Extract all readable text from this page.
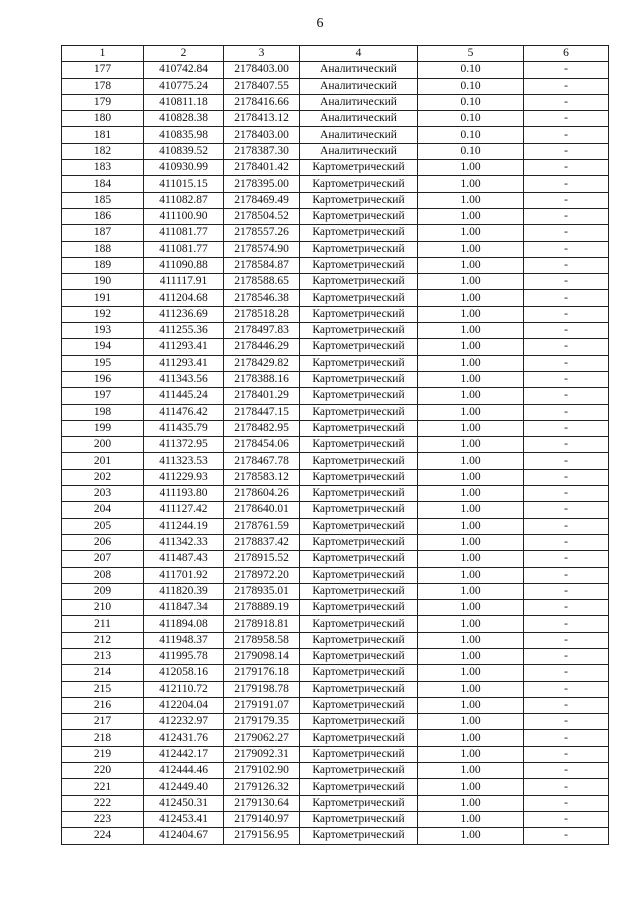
6
1	2	3	4	5	6
177	410742.84	2178403.00	Аналитический	0.10	-
178	410775.24	2178407.55	Аналитический	0.10	-
179	410811.18	2178416.66	Аналитический	0.10	-
180	410828.38	2178413.12	Аналитический	0.10	-
181	410835.98	2178403.00	Аналитический	0.10	-
182	410839.52	2178387.30	Аналитический	0.10	-
183	410930.99	2178401.42	Картометрический	1.00	-
184	411015.15	2178395.00	Картометрический	1.00	-
185	411082.87	2178469.49	Картометрический	1.00	-
186	411100.90	2178504.52	Картометрический	1.00	-
187	411081.77	2178557.26	Картометрический	1.00	-
188	411081.77	2178574.90	Картометрический	1.00	-
189	411090.88	2178584.87	Картометрический	1.00	-
190	411117.91	2178588.65	Картометрический	1.00	-
191	411204.68	2178546.38	Картометрический	1.00	-
192	411236.69	2178518.28	Картометрический	1.00	-
193	411255.36	2178497.83	Картометрический	1.00	-
194	411293.41	2178446.29	Картометрический	1.00	-
195	411293.41	2178429.82	Картометрический	1.00	-
196	411343.56	2178388.16	Картометрический	1.00	-
197	411445.24	2178401.29	Картометрический	1.00	-
198	411476.42	2178447.15	Картометрический	1.00	-
199	411435.79	2178482.95	Картометрический	1.00	-
200	411372.95	2178454.06	Картометрический	1.00	-
201	411323.53	2178467.78	Картометрический	1.00	-
202	411229.93	2178583.12	Картометрический	1.00	-
203	411193.80	2178604.26	Картометрический	1.00	-
204	411127.42	2178640.01	Картометрический	1.00	-
205	411244.19	2178761.59	Картометрический	1.00	-
206	411342.33	2178837.42	Картометрический	1.00	-
207	411487.43	2178915.52	Картометрический	1.00	-
208	411701.92	2178972.20	Картометрический	1.00	-
209	411820.39	2178935.01	Картометрический	1.00	-
210	411847.34	2178889.19	Картометрический	1.00	-
211	411894.08	2178918.81	Картометрический	1.00	-
212	411948.37	2178958.58	Картометрический	1.00	-
213	411995.78	2179098.14	Картометрический	1.00	-
214	412058.16	2179176.18	Картометрический	1.00	-
215	412110.72	2179198.78	Картометрический	1.00	-
216	412204.04	2179191.07	Картометрический	1.00	-
217	412232.97	2179179.35	Картометрический	1.00	-
218	412431.76	2179062.27	Картометрический	1.00	-
219	412442.17	2179092.31	Картометрический	1.00	-
220	412444.46	2179102.90	Картометрический	1.00	-
221	412449.40	2179126.32	Картометрический	1.00	-
222	412450.31	2179130.64	Картометрический	1.00	-
223	412453.41	2179140.97	Картометрический	1.00	-
224	412404.67	2179156.95	Картометрический	1.00	-
